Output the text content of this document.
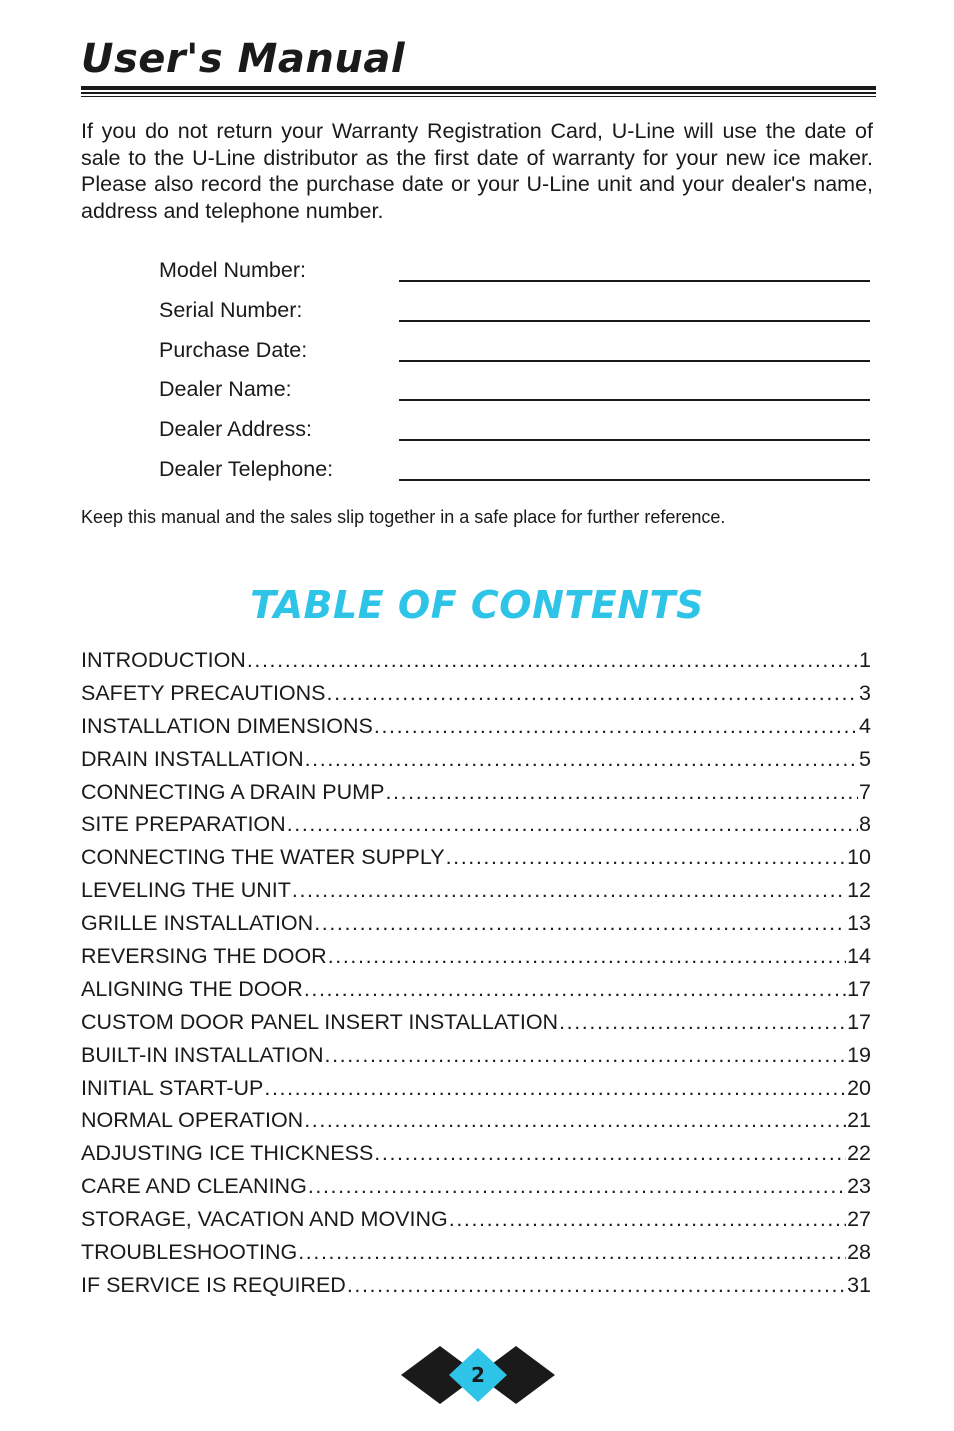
User's Manual

If you do not return your Warranty Registration Card, U-Line will use the date of sale to the U-Line distributor as the first date of warranty for your new ice maker. Please also record the purchase date or your U-Line unit and your dealer's name, address and telephone number.

Model Number:
Serial Number:
Purchase Date:
Dealer Name:
Dealer Address:
Dealer Telephone:

Keep this manual and the sales slip together in a safe place for further reference.

TABLE OF CONTENTS
INTRODUCTION .....	1
SAFETY PRECAUTIONS .....	3
INSTALLATION DIMENSIONS .....	4
DRAIN INSTALLATION .....	5
CONNECTING A DRAIN PUMP .....	7
SITE PREPARATION .....	8
CONNECTING THE WATER SUPPLY .....	10
LEVELING THE UNIT .....	12
GRILLE INSTALLATION .....	13
REVERSING THE DOOR .....	14
ALIGNING THE DOOR .....	17
CUSTOM DOOR PANEL INSERT INSTALLATION .....	17
BUILT-IN INSTALLATION .....	19
INITIAL START-UP .....	20
NORMAL OPERATION .....	21
ADJUSTING ICE THICKNESS .....	22
CARE AND CLEANING .....	23
STORAGE, VACATION AND MOVING .....	27
TROUBLESHOOTING .....	28
IF SERVICE IS REQUIRED .....	31
2
